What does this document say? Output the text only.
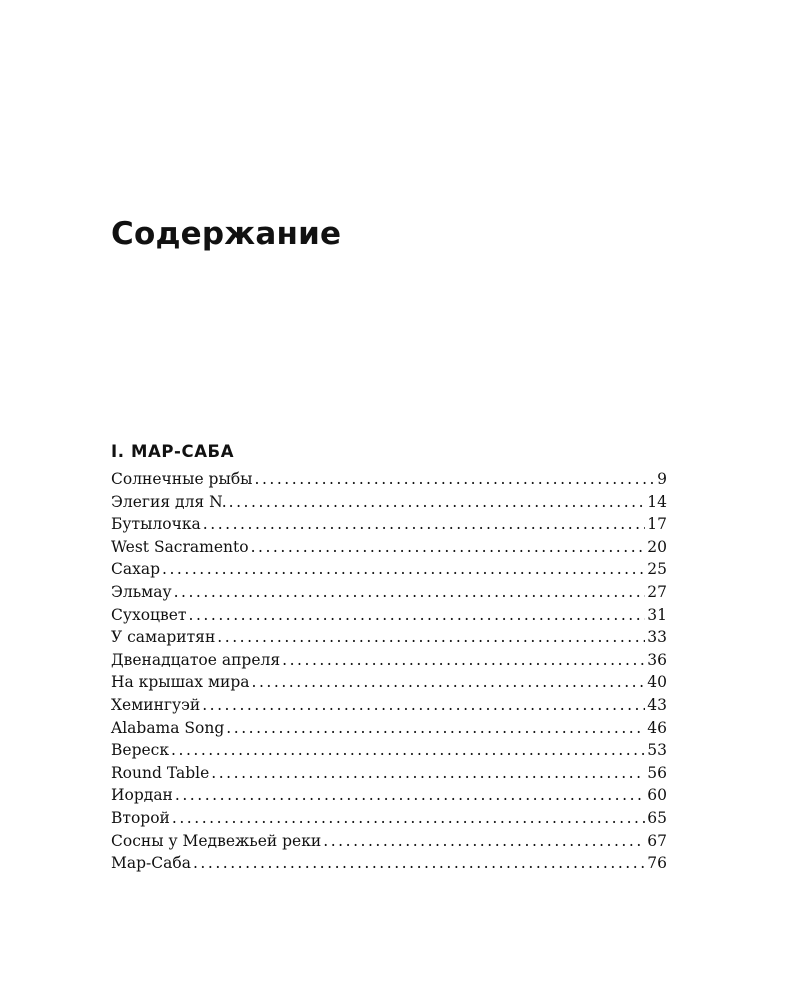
Содержание
I. МАР-САБА
Солнечные рыбы . . .	9
Элегия для N. . . .	14
Бутылочка . . .	17
West Sacramento . . .	20
Сахар . . .	25
Эльмау . . .	27
Сухоцвет . . .	31
У самаритян . . .	33
Двенадцатое апреля . . .	36
На крышах мира . . .	40
Хемингуэй . . .	43
Alabama Song . . .	46
Вереск . . .	53
Round Table . . .	56
Иордан . . .	60
Второй . . .	65
Сосны у Медвежьей реки . . .	67
Мар-Саба . . .	76
